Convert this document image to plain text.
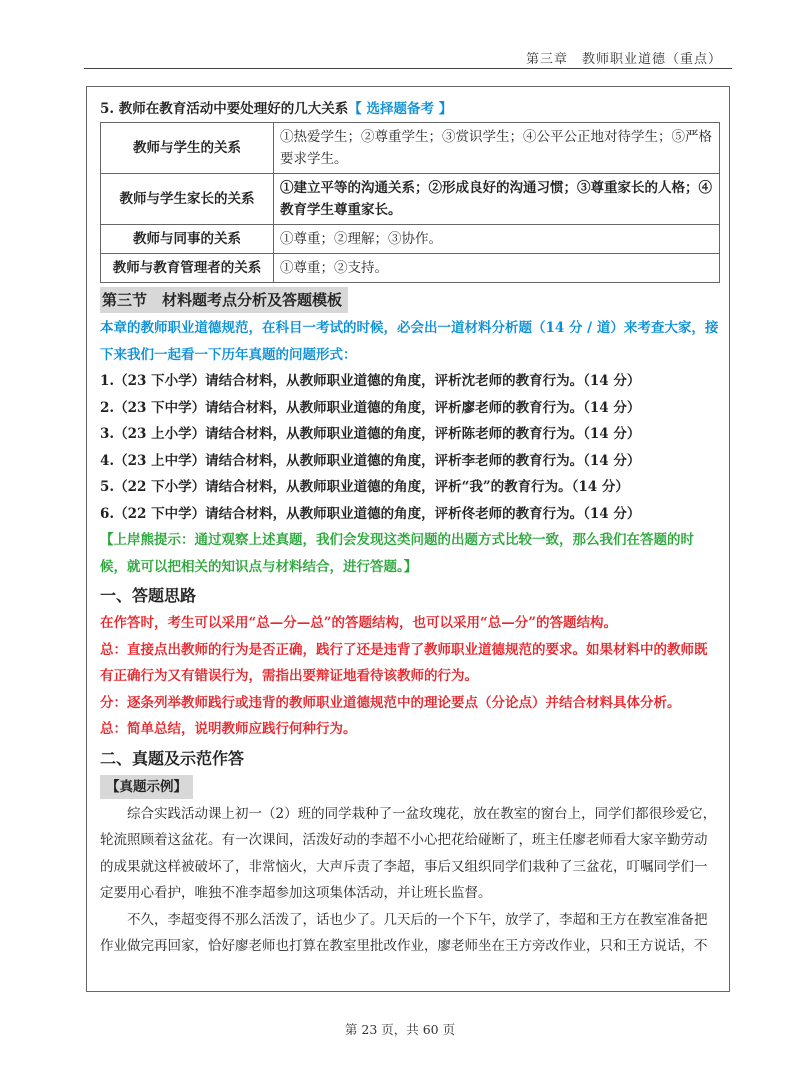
第三章　教师职业道德（重点）
5. 教师在教育活动中要处理好的几大关系【 选择题备考 】
教师与学生的关系	①热爱学生；②尊重学生；③赏识学生；④公平公正地对待学生；⑤严格要求学生。
教师与学生家长的关系	①建立平等的沟通关系；②形成良好的沟通习惯；③尊重家长的人格；④教育学生尊重家长。
教师与同事的关系	①尊重；②理解；③协作。
教师与教育管理者的关系	①尊重；②支持。
第三节　材料题考点分析及答题模板
本章的教师职业道德规范，在科目一考试的时候，必会出一道材料分析题（14 分 / 道）来考查大家，接下来我们一起看一下历年真题的问题形式：
1.（23 下小学）请结合材料，从教师职业道德的角度，评析沈老师的教育行为。（14 分）
2.（23 下中学）请结合材料，从教师职业道德的角度，评析廖老师的教育行为。（14 分）
3.（23 上小学）请结合材料，从教师职业道德的角度，评析陈老师的教育行为。（14 分）
4.（23 上中学）请结合材料，从教师职业道德的角度，评析李老师的教育行为。（14 分）
5.（22 下小学）请结合材料，从教师职业道德的角度，评析“我”的教育行为。（14 分）
6.（22 下中学）请结合材料，从教师职业道德的角度，评析佟老师的教育行为。（14 分）
【上岸熊提示：通过观察上述真题，我们会发现这类问题的出题方式比较一致，那么我们在答题的时候，就可以把相关的知识点与材料结合，进行答题。】
一、答题思路
在作答时，考生可以采用“总—分—总”的答题结构，也可以采用“总—分”的答题结构。
总：直接点出教师的行为是否正确，践行了还是违背了教师职业道德规范的要求。如果材料中的教师既有正确行为又有错误行为，需指出要辩证地看待该教师的行为。
分：逐条列举教师践行或违背的教师职业道德规范中的理论要点（分论点）并结合材料具体分析。
总：简单总结，说明教师应践行何种行为。
二、真题及示范作答
【真题示例】

综合实践活动课上初一（2）班的同学栽种了一盆玫瑰花，放在教室的窗台上，同学们都很珍爱它，轮流照顾着这盆花。有一次课间，活泼好动的李超不小心把花给碰断了，班主任廖老师看大家辛勤劳动的成果就这样被破坏了，非常恼火，大声斥责了李超，事后又组织同学们栽种了三盆花，叮嘱同学们一定要用心看护，唯独不准李超参加这项集体活动，并让班长监督。

不久，李超变得不那么活泼了，话也少了。几天后的一个下午，放学了，李超和王方在教室准备把作业做完再回家，恰好廖老师也打算在教室里批改作业，廖老师坐在王方旁改作业，只和王方说话，不

第 23 页，共 60 页
